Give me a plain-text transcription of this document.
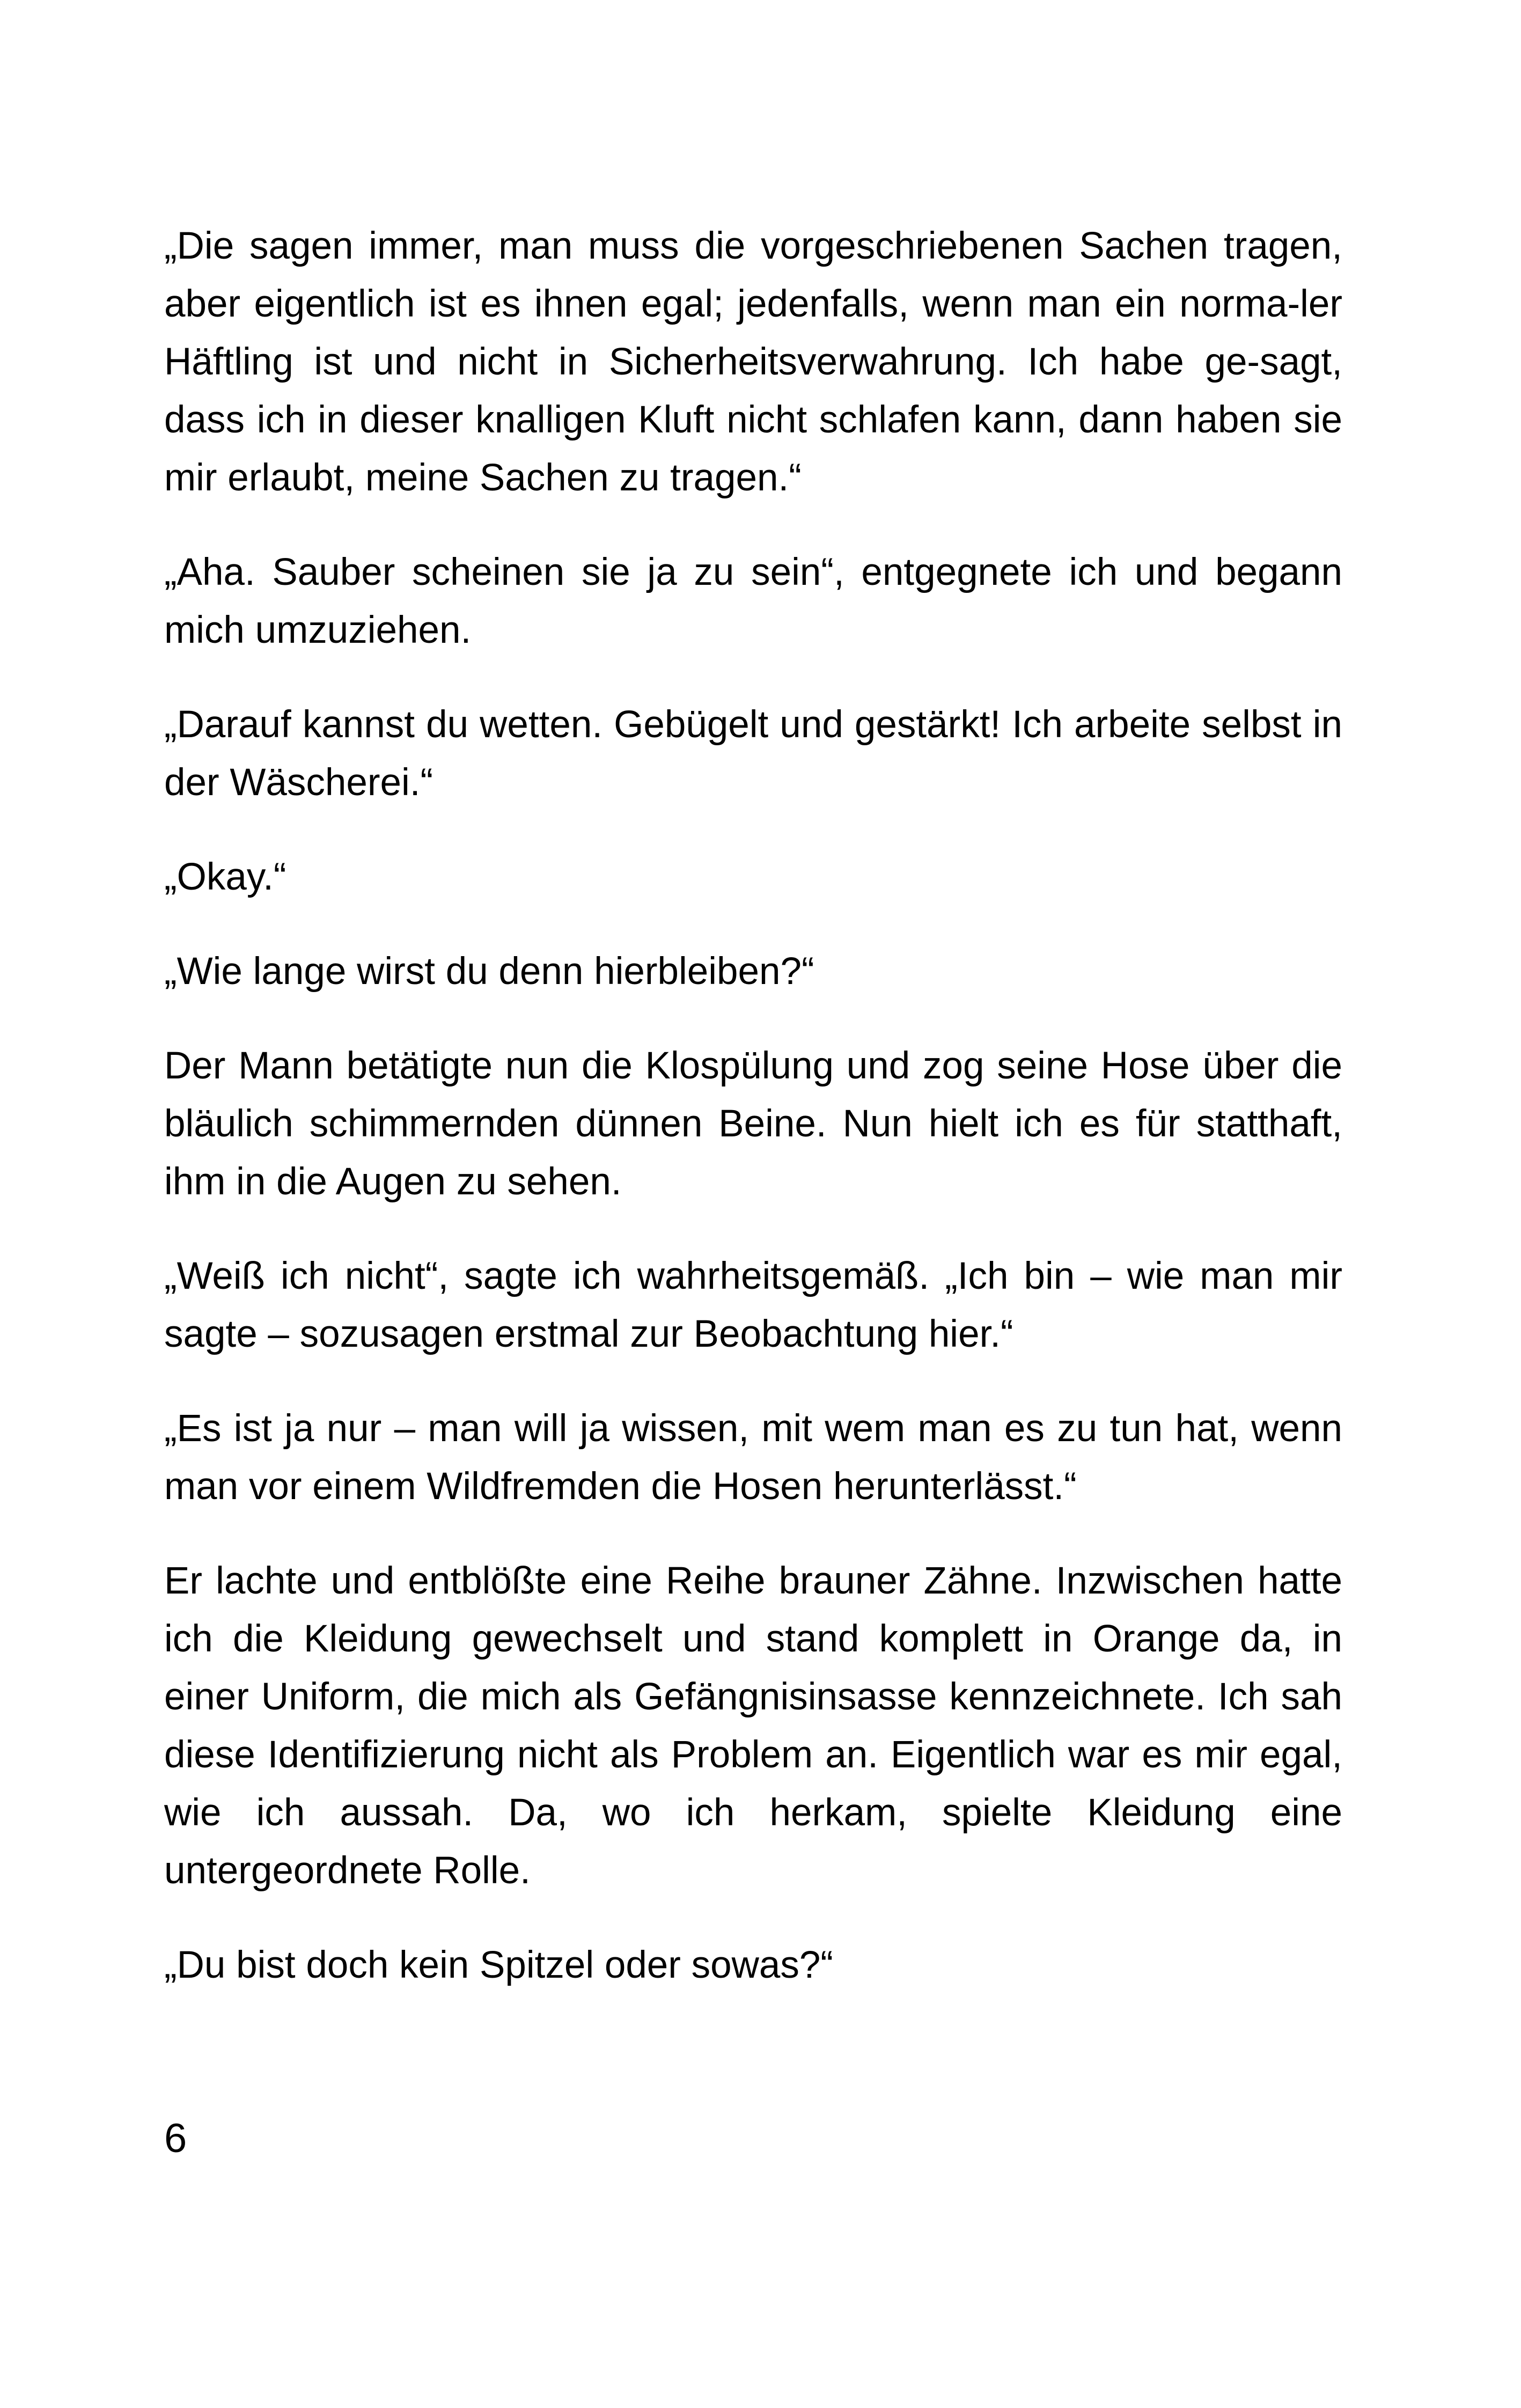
„Die sagen immer, man muss die vorgeschriebenen Sachen tragen, aber eigentlich ist es ihnen egal; jedenfalls, wenn man ein norma-ler Häftling ist und nicht in Sicherheitsverwahrung. Ich habe ge-sagt, dass ich in dieser knalligen Kluft nicht schlafen kann, dann haben sie mir erlaubt, meine Sachen zu tragen.“

„Aha. Sauber scheinen sie ja zu sein“, entgegnete ich und begann mich umzuziehen.

„Darauf kannst du wetten. Gebügelt und gestärkt! Ich arbeite selbst in der Wäscherei.“

„Okay.“

„Wie lange wirst du denn hierbleiben?“

Der Mann betätigte nun die Klospülung und zog seine Hose über die bläulich schimmernden dünnen Beine. Nun hielt ich es für statthaft, ihm in die Augen zu sehen.

„Weiß ich nicht“, sagte ich wahrheitsgemäß. „Ich bin – wie man mir sagte – sozusagen erstmal zur Beobachtung hier.“

„Es ist ja nur – man will ja wissen, mit wem man es zu tun hat, wenn man vor einem Wildfremden die Hosen herunterlässt.“

Er lachte und entblößte eine Reihe brauner Zähne. Inzwischen hatte ich die Kleidung gewechselt und stand komplett in Orange da, in einer Uniform, die mich als Gefängnisinsasse kennzeichnete. Ich sah diese Identifizierung nicht als Problem an. Eigentlich war es mir egal, wie ich aussah. Da, wo ich herkam, spielte Kleidung eine untergeordnete Rolle.

„Du bist doch kein Spitzel oder sowas?“

6
